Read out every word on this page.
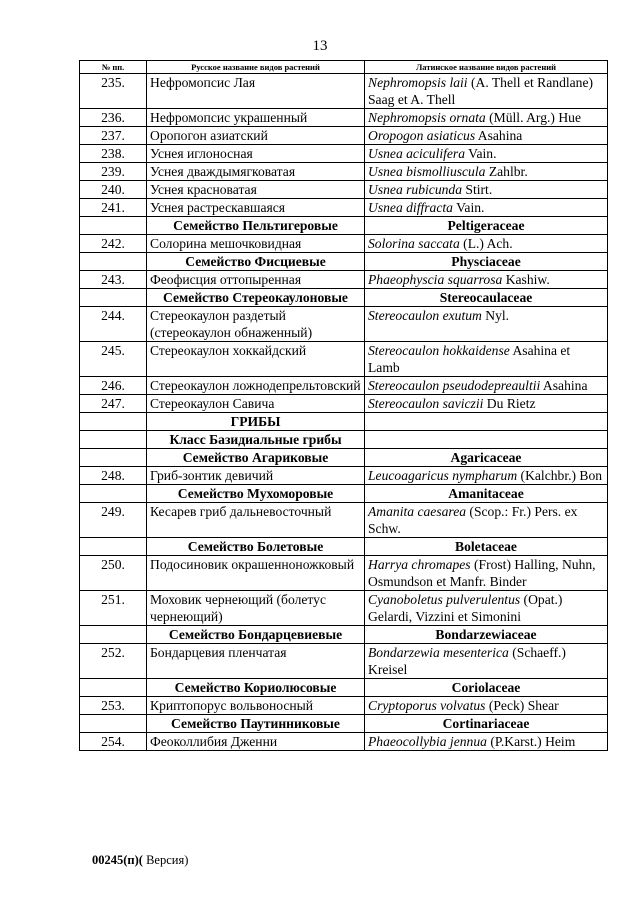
13
№ пп.	Русское название видов растений	Латинское название видов растений
235.	Нефромопсис Лая	Nephromopsis laii (A. Thell et Randlane) Saag et A. Thell
236.	Нефромопсис украшенный	Nephromopsis ornata (Müll. Arg.) Hue
237.	Оропогон азиатский	Oropogon asiaticus Asahina
238.	Уснея иглоносная	Usnea aciculifera Vain.
239.	Уснея дваждымягковатая	Usnea bismolliuscula Zahlbr.
240.	Уснея красноватая	Usnea rubicunda Stirt.
241.	Уснея растрескавшаяся	Usnea diffracta Vain.
	Семейство Пельтигеровые	Peltigeraceae
242.	Солорина мешочковидная	Solorina saccata (L.) Ach.
	Семейство Фисциевые	Physciaceae
243.	Феофисция оттопыренная	Phaeophyscia squarrosa Kashiw.
	Семейство Стереокаулоновые	Stereocaulaceae
244.	Стереокаулон раздетый (стереокаулон обнаженный)	Stereocaulon exutum Nyl.
245.	Стереокаулон хоккайдский	Stereocaulon hokkaidense Asahina et Lamb
246.	Стереокаулон ложнодепрельтовский	Stereocaulon pseudodepreaultii Asahina
247.	Стереокаулон Савича	Stereocaulon saviczii Du Rietz
	ГРИБЫ	
	Класс Базидиальные грибы	
	Семейство Агариковые	Agaricaceae
248.	Гриб-зонтик девичий	Leucoagaricus nympharum (Kalchbr.) Bon
	Семейство Мухоморовые	Amanitaceae
249.	Кесарев гриб дальневосточный	Amanita caesarea (Scop.: Fr.) Pers. ex Schw.
	Семейство Болетовые	Boletaceae
250.	Подосиновик окрашенноножковый	Harrya chromapes (Frost) Halling, Nuhn, Osmundson et Manfr. Binder
251.	Моховик чернеющий (болетус чернеющий)	Cyanoboletus pulverulentus (Opat.) Gelardi, Vizzini et Simonini
	Семейство Бондарцевиевые	Bondarzewiaceae
252.	Бондарцевия пленчатая	Bondarzewia mesenterica (Schaeff.) Kreisel
	Семейство Кориолюсовые	Coriolaceae
253.	Криптопорус вольвоносный	Cryptoporus volvatus (Peck) Shear
	Семейство Паутинниковые	Cortinariaceae
254.	Феоколлибия Дженни	Phaeocollybia jennua (P.Karst.) Heim
00245(п)( Версия)
